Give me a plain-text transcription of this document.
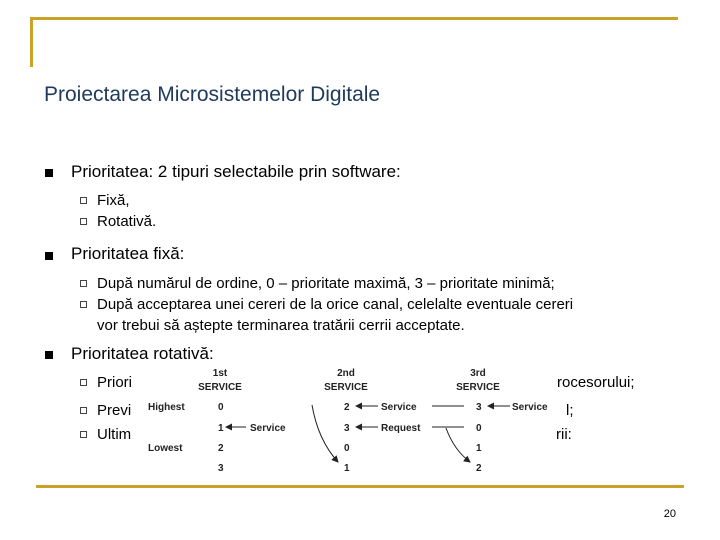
Proiectarea Microsistemelor Digitale
Prioritatea: 2 tipuri selectabile prin software:
Fixă,
Rotativă.
Prioritatea fixă:
După numărul de ordine, 0 – prioritate maximă, 3 – prioritate minimă;
După acceptarea unei cereri de la orice canal, celelalte eventuale cereri
vor trebui să aștepte terminarea tratării cerrii acceptate.
Prioritatea rotativă:
Priori
Previ
Ultim
rocesorului;
l;
rii:
1st
SERVICE
2nd
SERVICE
3rd
SERVICE
Highest
Lowest
0
1
2
3
2
3
0
1
3
0
1
2
Service
Service
Request
Service
20
